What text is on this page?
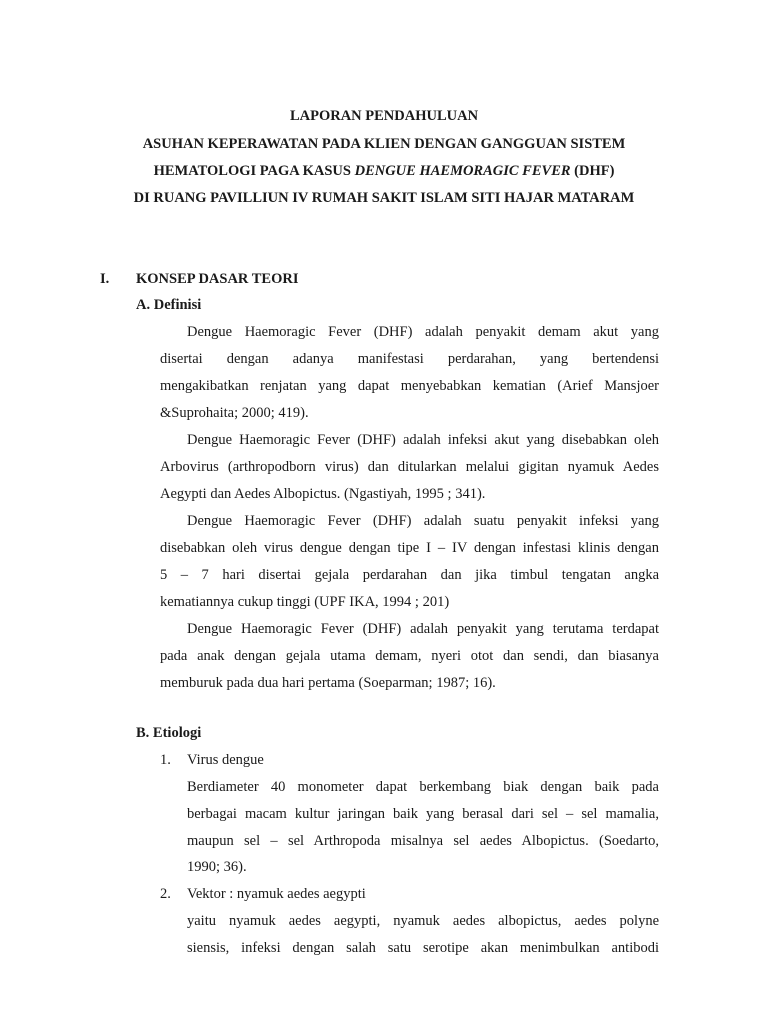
LAPORAN PENDAHULUAN
ASUHAN KEPERAWATAN PADA KLIEN DENGAN GANGGUAN SISTEM
HEMATOLOGI PAGA KASUS DENGUE HAEMORAGIC FEVER (DHF)
DI RUANG PAVILLIUN IV RUMAH SAKIT ISLAM SITI HAJAR MATARAM
I. KONSEP DASAR TEORI
A. Definisi
Dengue Haemoragic Fever (DHF) adalah penyakit demam akut yang
disertai dengan adanya manifestasi perdarahan, yang bertendensi
mengakibatkan renjatan yang dapat menyebabkan kematian (Arief Mansjoer
&Suprohaita; 2000; 419).
Dengue Haemoragic Fever (DHF) adalah infeksi akut yang disebabkan oleh
Arbovirus (arthropodborn virus) dan ditularkan melalui gigitan nyamuk Aedes
Aegypti dan Aedes Albopictus. (Ngastiyah, 1995 ; 341).
Dengue Haemoragic Fever (DHF) adalah suatu penyakit infeksi yang
disebabkan oleh virus dengue dengan tipe I – IV dengan infestasi klinis dengan
5 – 7 hari disertai gejala perdarahan dan jika timbul tengatan angka
kematiannya cukup tinggi (UPF IKA, 1994 ; 201)
Dengue Haemoragic Fever (DHF) adalah penyakit yang terutama terdapat
pada anak dengan gejala utama demam, nyeri otot dan sendi, dan biasanya
memburuk pada dua hari pertama (Soeparman; 1987; 16).
B. Etiologi
1. Virus dengue
Berdiameter 40 monometer dapat berkembang biak dengan baik pada
berbagai macam kultur jaringan baik yang berasal dari sel – sel mamalia,
maupun sel – sel Arthropoda misalnya sel aedes Albopictus. (Soedarto,
1990; 36).
2. Vektor : nyamuk aedes aegypti
yaitu nyamuk aedes aegypti, nyamuk aedes albopictus, aedes polyne
siensis, infeksi dengan salah satu serotipe akan menimbulkan antibodi
